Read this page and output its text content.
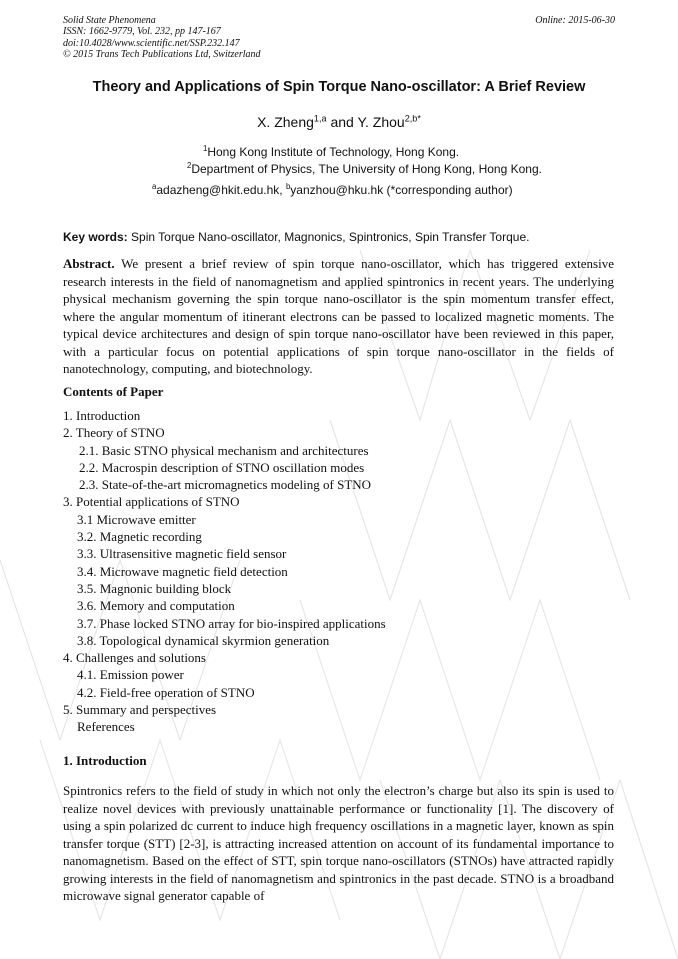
Solid State Phenomena
ISSN: 1662-9779, Vol. 232, pp 147-167
doi:10.4028/www.scientific.net/SSP.232.147
© 2015 Trans Tech Publications Ltd, Switzerland
Online: 2015-06-30
Theory and Applications of Spin Torque Nano-oscillator: A Brief Review
X. Zheng$^{1,a}$ and Y. Zhou$^{2,b*}$
$^1$Hong Kong Institute of Technology, Hong Kong.
$^2$Department of Physics, The University of Hong Kong, Hong Kong.
$^a$adazheng@hkit.edu.hk, $^b$yanzhou@hku.hk (*corresponding author)
Key words: Spin Torque Nano-oscillator, Magnonics, Spintronics, Spin Transfer Torque.
Abstract. We present a brief review of spin torque nano-oscillator, which has triggered extensive research interests in the field of nanomagnetism and applied spintronics in recent years. The underlying physical mechanism governing the spin torque nano-oscillator is the spin momentum transfer effect, where the angular momentum of itinerant electrons can be passed to localized magnetic moments. The typical device architectures and design of spin torque nano-oscillator have been reviewed in this paper, with a particular focus on potential applications of spin torque nano-oscillator in the fields of nanotechnology, computing, and biotechnology.
Contents of Paper
1. Introduction
2. Theory of STNO
2.1. Basic STNO physical mechanism and architectures
2.2. Macrospin description of STNO oscillation modes
2.3. State-of-the-art micromagnetics modeling of STNO
3. Potential applications of STNO
3.1 Microwave emitter
3.2. Magnetic recording
3.3. Ultrasensitive magnetic field sensor
3.4. Microwave magnetic field detection
3.5. Magnonic building block
3.6. Memory and computation
3.7. Phase locked STNO array for bio-inspired applications
3.8. Topological dynamical skyrmion generation
4. Challenges and solutions
4.1. Emission power
4.2. Field-free operation of STNO
5. Summary and perspectives
References
1. Introduction
Spintronics refers to the field of study in which not only the electron’s charge but also its spin is used to realize novel devices with previously unattainable performance or functionality [1]. The discovery of using a spin polarized dc current to induce high frequency oscillations in a magnetic layer, known as spin transfer torque (STT) [2-3], is attracting increased attention on account of its fundamental importance to nanomagnetism. Based on the effect of STT, spin torque nano-oscillators (STNOs) have attracted rapidly growing interests in the field of nanomagnetism and spintronics in the past decade. STNO is a broadband microwave signal generator capable of
